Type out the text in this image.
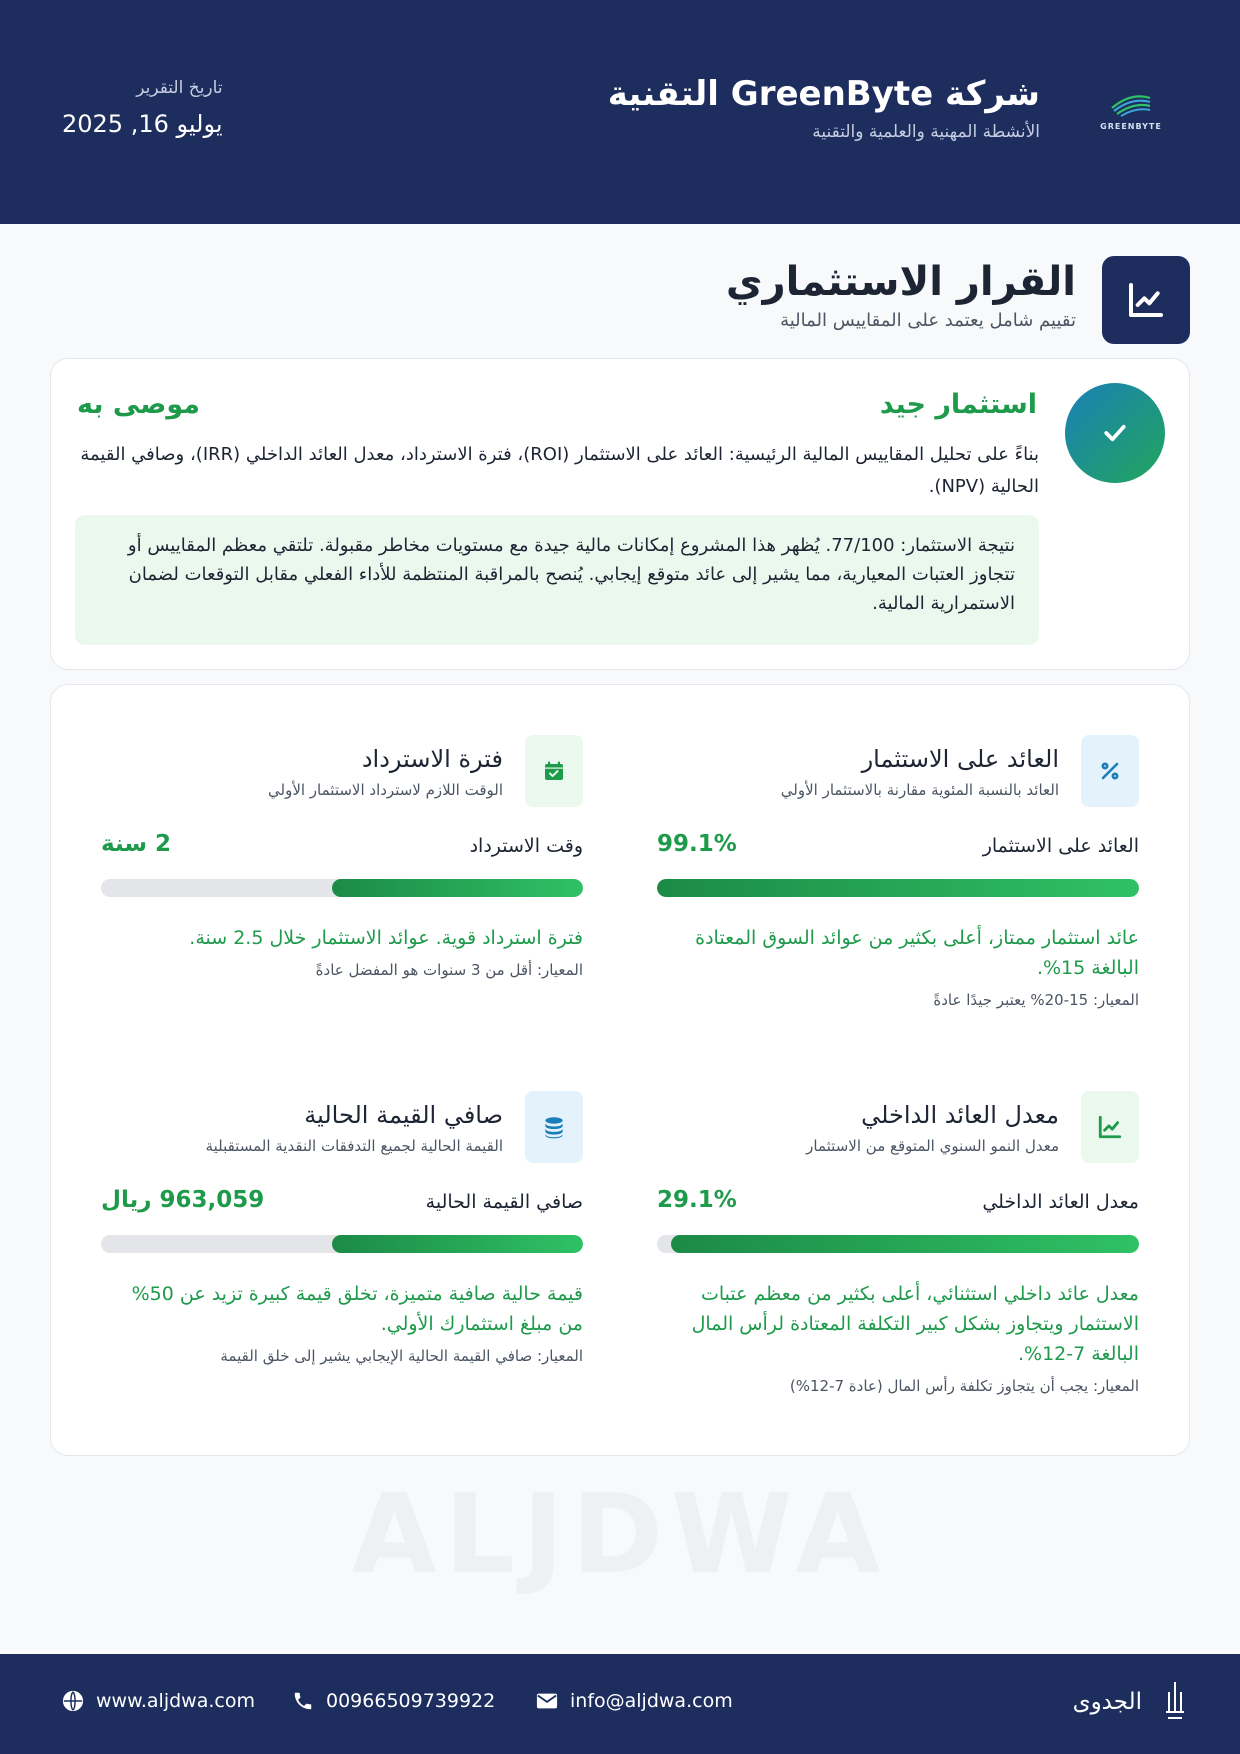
GREENBYTE
شركة GreenByte التقنية
الأنشطة المهنية والعلمية والتقنية
تاريخ التقرير
يوليو 16, 2025
القرار الاستثماري
تقييم شامل يعتمد على المقاييس المالية
استثمار جيد
موصى به
بناءً على تحليل المقاييس المالية الرئيسية: العائد على الاستثمار (ROI)، فترة الاسترداد، معدل العائد الداخلي (IRR)، وصافي القيمة الحالية (NPV).
نتيجة الاستثمار: 77/100. يُظهر هذا المشروع إمكانات مالية جيدة مع مستويات مخاطر مقبولة. تلتقي معظم المقاييس أو تتجاوز العتبات المعيارية، مما يشير إلى عائد متوقع إيجابي. يُنصح بالمراقبة المنتظمة للأداء الفعلي مقابل التوقعات لضمان الاستمرارية المالية.
العائد على الاستثمار
العائد بالنسبة المئوية مقارنة بالاستثمار الأولي
العائد على الاستثمار
99.1%
عائد استثمار ممتاز، أعلى بكثير من عوائد السوق المعتادة البالغة 15%.
المعيار: 15-20% يعتبر جيدًا عادةً
فترة الاسترداد
الوقت اللازم لاسترداد الاستثمار الأولي
وقت الاسترداد
2 سنة
فترة استرداد قوية. عوائد الاستثمار خلال 2.5 سنة.
المعيار: أقل من 3 سنوات هو المفضل عادةً
معدل العائد الداخلي
معدل النمو السنوي المتوقع من الاستثمار
معدل العائد الداخلي
29.1%
معدل عائد داخلي استثنائي، أعلى بكثير من معظم عتبات الاستثمار ويتجاوز بشكل كبير التكلفة المعتادة لرأس المال البالغة 7-12%.
المعيار: يجب أن يتجاوز تكلفة رأس المال (عادة 7-12%)
صافي القيمة الحالية
القيمة الحالية لجميع التدفقات النقدية المستقبلية
صافي القيمة الحالية
963,059 ريال
قيمة حالية صافية متميزة، تخلق قيمة كبيرة تزيد عن 50% من مبلغ استثمارك الأولي.
المعيار: صافي القيمة الحالية الإيجابي يشير إلى خلق القيمة
ALJDWA
الجدوى
info@aljdwa.com
00966509739922
www.aljdwa.com
